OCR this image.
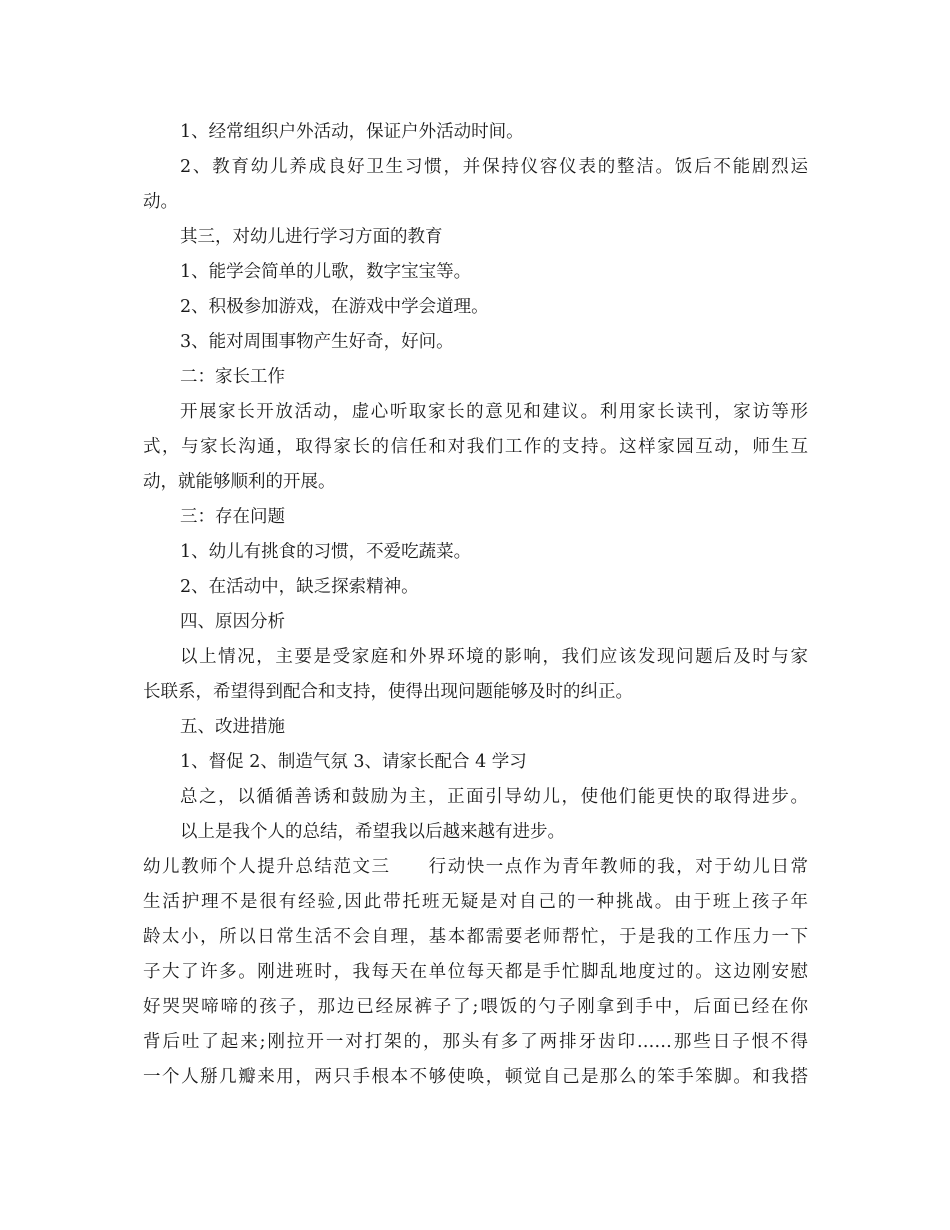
1、经常组织户外活动，保证户外活动时间。

2、教育幼儿养成良好卫生习惯，并保持仪容仪表的整洁。饭后不能剧烈运

动。

其三，对幼儿进行学习方面的教育

1、能学会简单的儿歌，数字宝宝等。

2、积极参加游戏，在游戏中学会道理。

3、能对周围事物产生好奇，好问。

二：家长工作

开展家长开放活动，虚心听取家长的意见和建议。利用家长读刊，家访等形

式，与家长沟通，取得家长的信任和对我们工作的支持。这样家园互动，师生互

动，就能够顺利的开展。

三：存在问题

1、幼儿有挑食的习惯，不爱吃蔬菜。

2、在活动中，缺乏探索精神。

四、原因分析

以上情况，主要是受家庭和外界环境的影响，我们应该发现问题后及时与家

长联系，希望得到配合和支持，使得出现问题能够及时的纠正。

五、改进措施

1、督促 2、制造气氛 3、请家长配合 4 学习

总之，以循循善诱和鼓励为主，正面引导幼儿，使他们能更快的取得进步。

以上是我个人的总结，希望我以后越来越有进步。

幼儿教师个人提升总结范文三　　行动快一点作为青年教师的我，对于幼儿日常

生活护理不是很有经验,因此带托班无疑是对自己的一种挑战。由于班上孩子年

龄太小，所以日常生活不会自理，基本都需要老师帮忙，于是我的工作压力一下

子大了许多。刚进班时，我每天在单位每天都是手忙脚乱地度过的。这边刚安慰

好哭哭啼啼的孩子，那边已经尿裤子了;喂饭的勺子刚拿到手中，后面已经在你

背后吐了起来;刚拉开一对打架的，那头有多了两排牙齿印……那些日子恨不得

一个人掰几瓣来用，两只手根本不够使唤，顿觉自己是那么的笨手笨脚。和我搭
